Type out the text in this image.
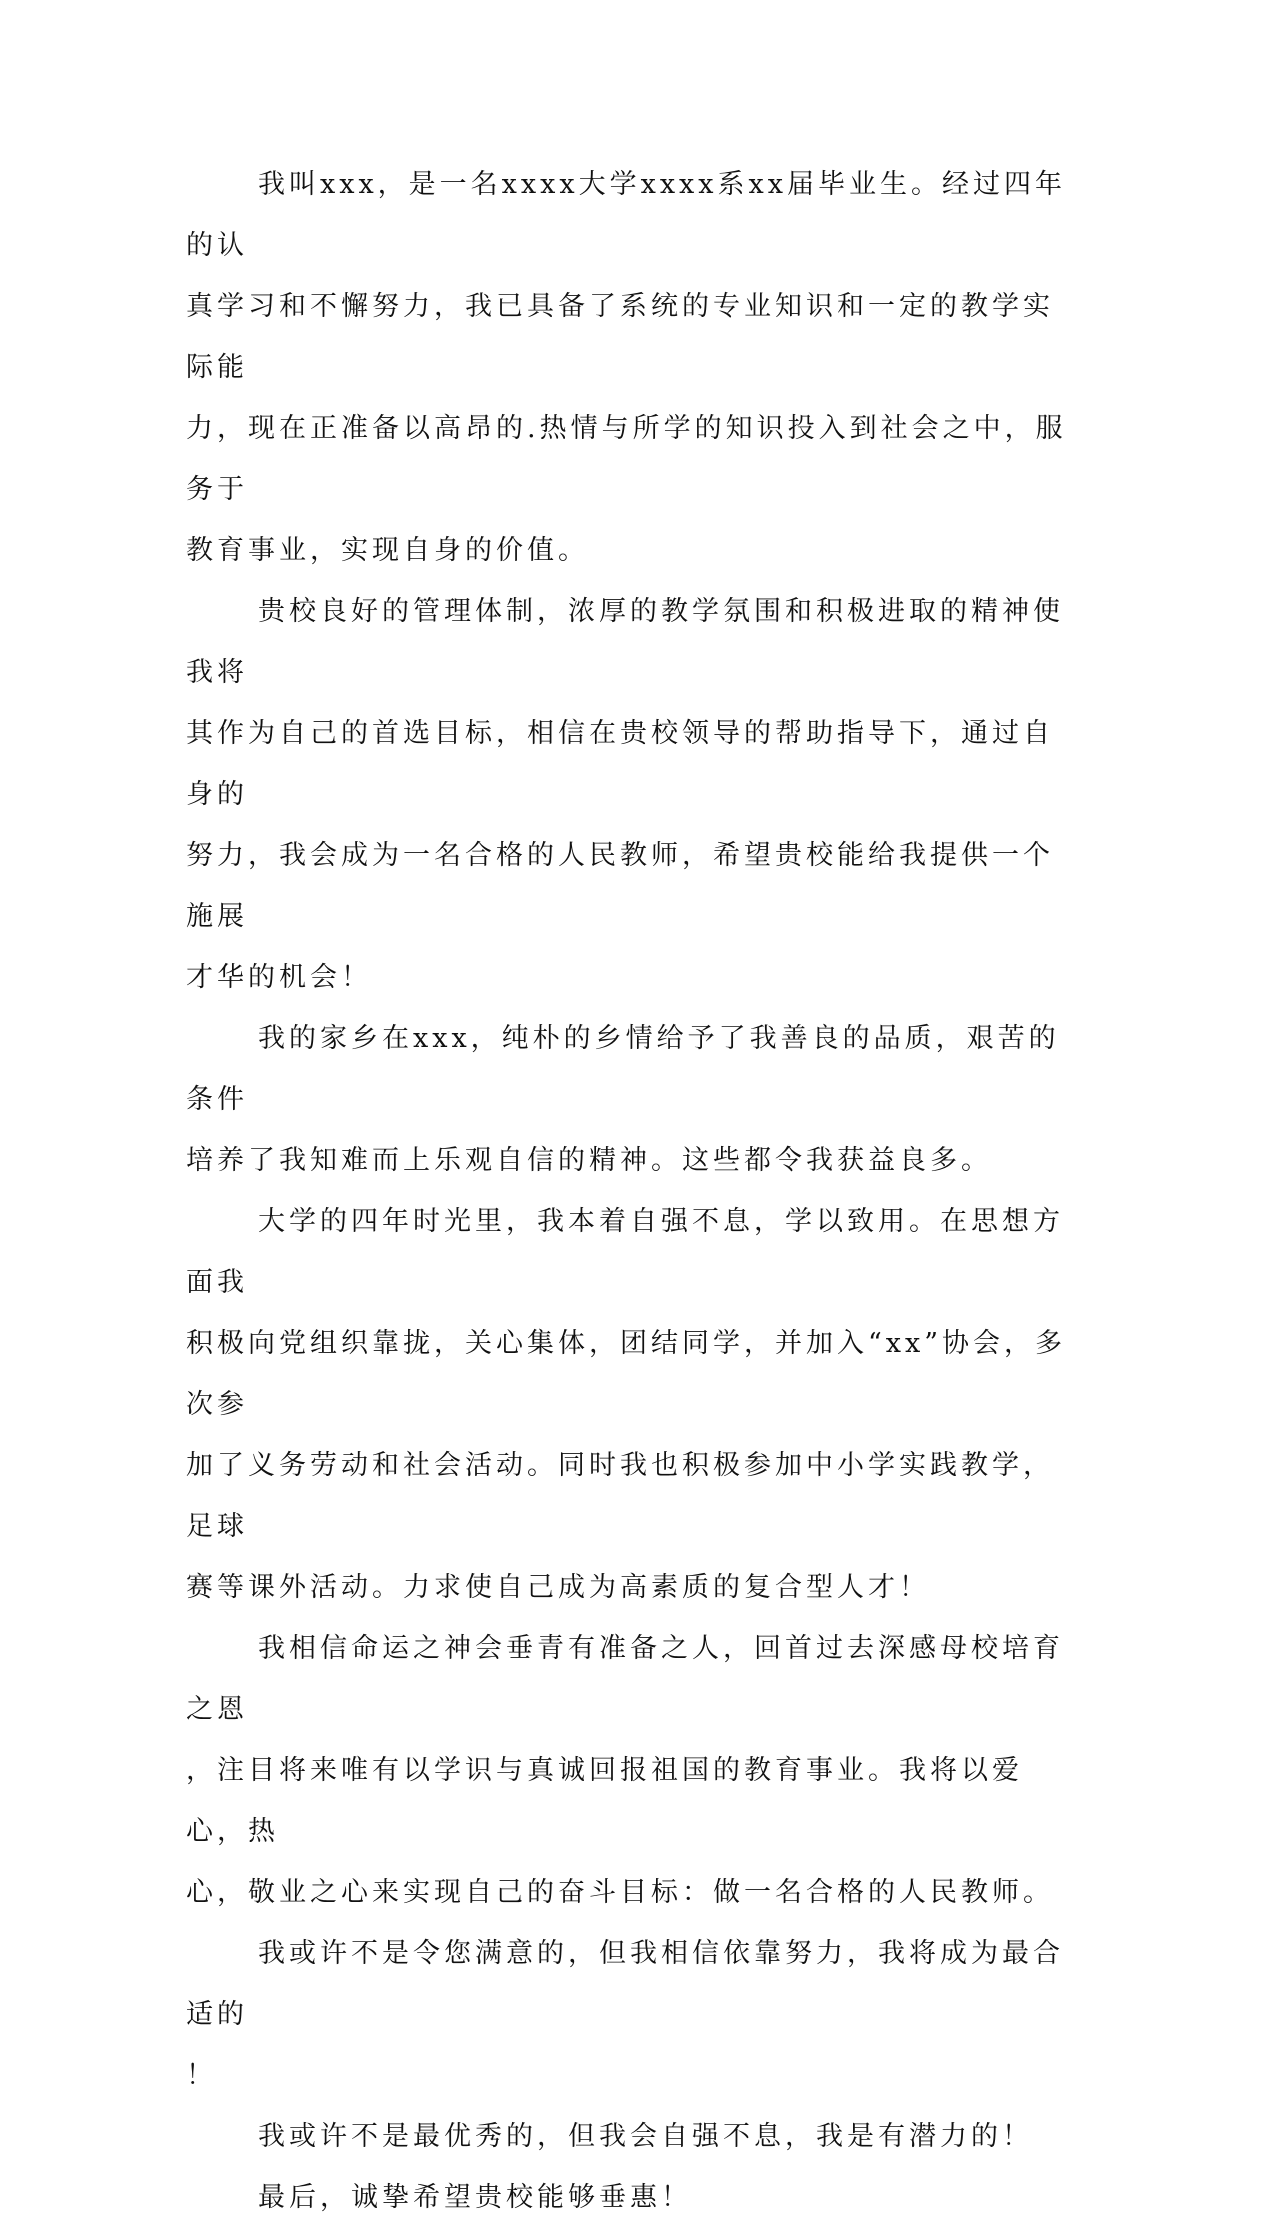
我叫xxx，是一名xxxx大学xxxx系xx届毕业生。经过四年的认
真学习和不懈努力，我已具备了系统的专业知识和一定的教学实际能
力，现在正准备以高昂的.热情与所学的知识投入到社会之中，服务于
教育事业，实现自身的价值。

贵校良好的管理体制，浓厚的教学氛围和积极进取的精神使我将
其作为自己的首选目标，相信在贵校领导的帮助指导下，通过自身的
努力，我会成为一名合格的人民教师，希望贵校能给我提供一个施展
才华的机会！

我的家乡在xxx，纯朴的乡情给予了我善良的品质，艰苦的条件
培养了我知难而上乐观自信的精神。这些都令我获益良多。

大学的四年时光里，我本着自强不息，学以致用。在思想方面我
积极向党组织靠拢，关心集体，团结同学，并加入“xx”协会，多次参
加了义务劳动和社会活动。同时我也积极参加中小学实践教学，足球
赛等课外活动。力求使自己成为高素质的复合型人才！

我相信命运之神会垂青有准备之人，回首过去深感母校培育之恩
，注目将来唯有以学识与真诚回报祖国的教育事业。我将以爱心，热
心，敬业之心来实现自己的奋斗目标：做一名合格的人民教师。

我或许不是令您满意的，但我相信依靠努力，我将成为最合适的
！

我或许不是最优秀的，但我会自强不息，我是有潜力的！

最后，诚挚希望贵校能够垂惠！
